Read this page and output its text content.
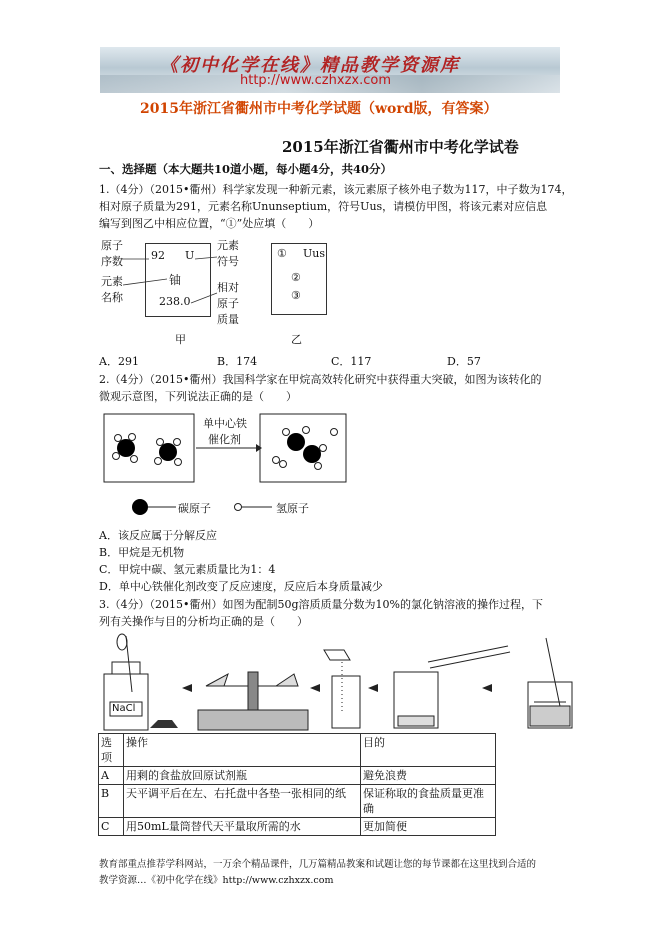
《初中化学在线》精品教学资源库
http://www.czhxzx.com
2015年浙江省衢州市中考化学试题（word版，有答案）
2015年浙江省衢州市中考化学试卷
一、选择题（本大题共10道小题，每小题4分，共40分）
1.（4分）（2015•衢州）科学家发现一种新元素，该元素原子核外电子数为117，中子数为174，
相对原子质量为291，元素名称Ununseptium，符号Uus，请模仿甲图，将该元素对应信息
编写到图乙中相应位置，“①”处应填（　　）
原子
序数
元素
名称
92 U
铀
238.0
元素
符号
相对
原子
质量
甲
① Uus
②
③
乙
A．291	B．174	C．117	D．57
2.（4分）（2015•衢州）我国科学家在甲烷高效转化研究中获得重大突破，如图为该转化的
微观示意图，下列说法正确的是（　　）
单中心铁
催化剂
碳原子	氢原子
A．该反应属于分解反应
B．甲烷是无机物
C．甲烷中碳、氢元素质量比为1：4
D．单中心铁催化剂改变了反应速度，反应后本身质量减少
3.（4分）（2015•衢州）如图为配制50g溶质质量分数为10%的氯化钠溶液的操作过程，下
列有关操作与目的分析均正确的是（　　）
NaCl
选项	操作	目的
A	用剩的食盐放回原试剂瓶	避免浪费
B	天平调平后在左、右托盘中各垫一张相同的纸	保证称取的食盐质量更准确
C	用50mL量筒替代天平量取所需的水	更加简便
教育部重点推荐学科网站，一万余个精品课件，几万篇精品教案和试题让您的每节课都在这里找到合适的
教学资源…《初中化学在线》http://www.czhxzx.com
